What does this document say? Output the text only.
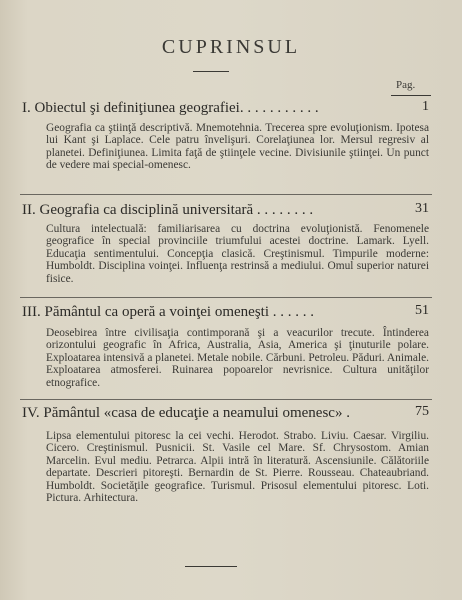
CUPRINSUL
Pag.
I. Obiectul şi definiţiunea geografiei. . . . . . . . . . .	1
Geografia ca ştiinţă descriptivă. Mnemotehnia. Trecerea spre evoluţionism. Ipotesa lui Kant şi Laplace. Cele patru învelişuri. Corelaţiunea lor. Mersul regresiv al planetei. Definiţiunea. Limita faţă de ştiinţele vecine. Divisiunile ştiinţei. Un punct de vedere mai special-omenesc.
II. Geografia ca disciplină universitară . . . . . . . .	31
Cultura intelectuală: familiarisarea cu doctrina evoluţionistă. Fenomenele geografice în special provinciile triumfului acestei doctrine. Lamark. Lyell. Educaţia sentimentului. Concepţia clasică. Creştinismul. Timpurile moderne: Humboldt. Disciplina voinţei. Influenţa restrinsă a mediului. Omul superior naturei fisice.
III. Pământul ca operă a voinţei omeneşti . . . . . .	51
Deosebirea între civilisaţia contimporană şi a veacurilor trecute. Întinderea orizontului geografic în Africa, Australia, Asia, America şi ţinuturile polare. Exploatarea intensivă a planetei. Metale nobile. Cărbuni. Petroleu. Păduri. Animale. Exploatarea atmosferei. Ruinarea popoarelor nevrisnice. Cultura unităţilor etnografice.
IV. Pământul «casa de educaţie a neamului omenesc» .	75
Lipsa elementului pitoresc la cei vechi. Herodot. Strabo. Liviu. Caesar. Virgiliu. Cicero. Creştinismul. Pusnicii. St. Vasile cel Mare. Sf. Chrysostom. Amian Marcelin. Evul mediu. Petrarca. Alpii intră în literatură. Ascensiunile. Călătoriile departate. Descrieri pitoreşti. Bernardin de St. Pierre. Rousseau. Chateaubriand. Humboldt. Societăţile geografice. Turismul. Prisosul elementului pitoresc. Loti. Pictura. Arhitectura.
